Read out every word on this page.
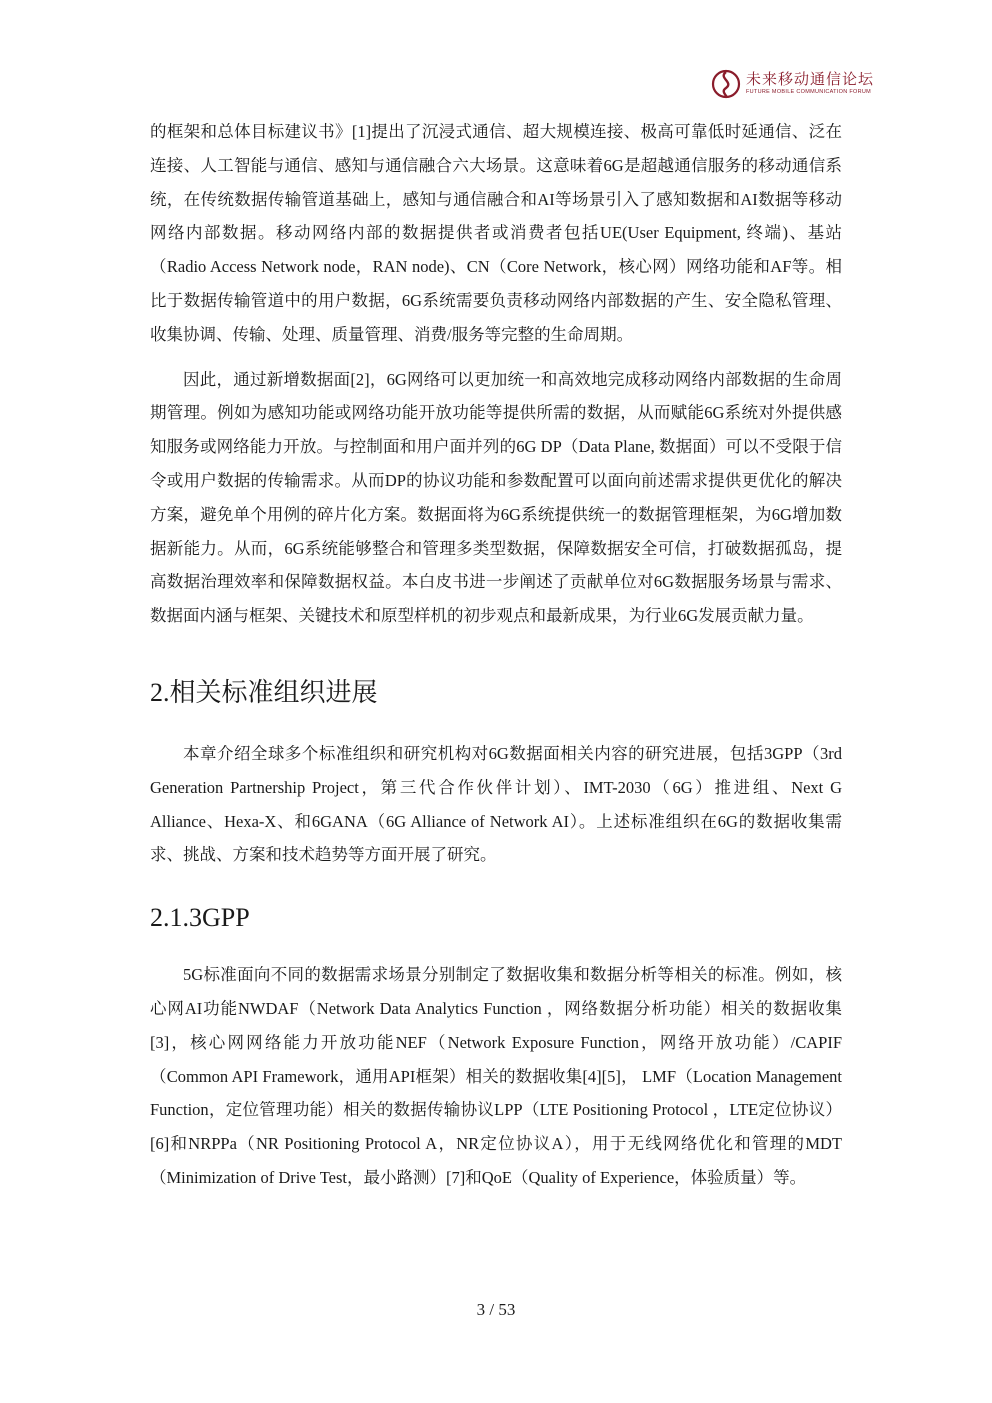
未来移动通信论坛
FUTURE MOBILE COMMUNICATION FORUM

的框架和总体目标建议书》[1]提出了沉浸式通信、超大规模连接、极高可靠低时延通信、泛在连接、人工智能与通信、感知与通信融合六大场景。这意味着6G是超越通信服务的移动通信系统，在传统数据传输管道基础上，感知与通信融合和AI等场景引入了感知数据和AI数据等移动网络内部数据。移动网络内部的数据提供者或消费者包括UE(User Equipment, 终端)、基站（Radio Access Network node，RAN node)、CN（Core Network，核心网）网络功能和AF等。相比于数据传输管道中的用户数据，6G系统需要负责移动网络内部数据的产生、安全隐私管理、收集协调、传输、处理、质量管理、消费/服务等完整的生命周期。

因此，通过新增数据面[2]，6G网络可以更加统一和高效地完成移动网络内部数据的生命周期管理。例如为感知功能或网络功能开放功能等提供所需的数据，从而赋能6G系统对外提供感知服务或网络能力开放。与控制面和用户面并列的6G DP（Data Plane, 数据面）可以不受限于信令或用户数据的传输需求。从而DP的协议功能和参数配置可以面向前述需求提供更优化的解决方案，避免单个用例的碎片化方案。数据面将为6G系统提供统一的数据管理框架，为6G增加数据新能力。从而，6G系统能够整合和管理多类型数据，保障数据安全可信，打破数据孤岛，提高数据治理效率和保障数据权益。本白皮书进一步阐述了贡献单位对6G数据服务场景与需求、数据面内涵与框架、关键技术和原型样机的初步观点和最新成果，为行业6G发展贡献力量。

2.相关标准组织进展

本章介绍全球多个标准组织和研究机构对6G数据面相关内容的研究进展，包括3GPP（3rd Generation Partnership Project，第三代合作伙伴计划）、IMT-2030（6G）推进组、Next G Alliance、Hexa-X、和6GANA（6G Alliance of Network AI）。上述标准组织在6G的数据收集需求、挑战、方案和技术趋势等方面开展了研究。

2.1.3GPP

5G标准面向不同的数据需求场景分别制定了数据收集和数据分析等相关的标准。例如，核心网AI功能NWDAF（Network Data Analytics Function ，网络数据分析功能）相关的数据收集[3]，核心网网络能力开放功能NEF（Network Exposure Function，网络开放功能）/CAPIF（Common API Framework，通用API框架）相关的数据收集[4][5]， LMF（Location Management Function，定位管理功能）相关的数据传输协议LPP（LTE Positioning Protocol ，LTE定位协议）[6]和NRPPa（NR Positioning Protocol A，NR定位协议A），用于无线网络优化和管理的MDT（Minimization of Drive Test，最小路测）[7]和QoE（Quality of Experience，体验质量）等。

3 / 53
